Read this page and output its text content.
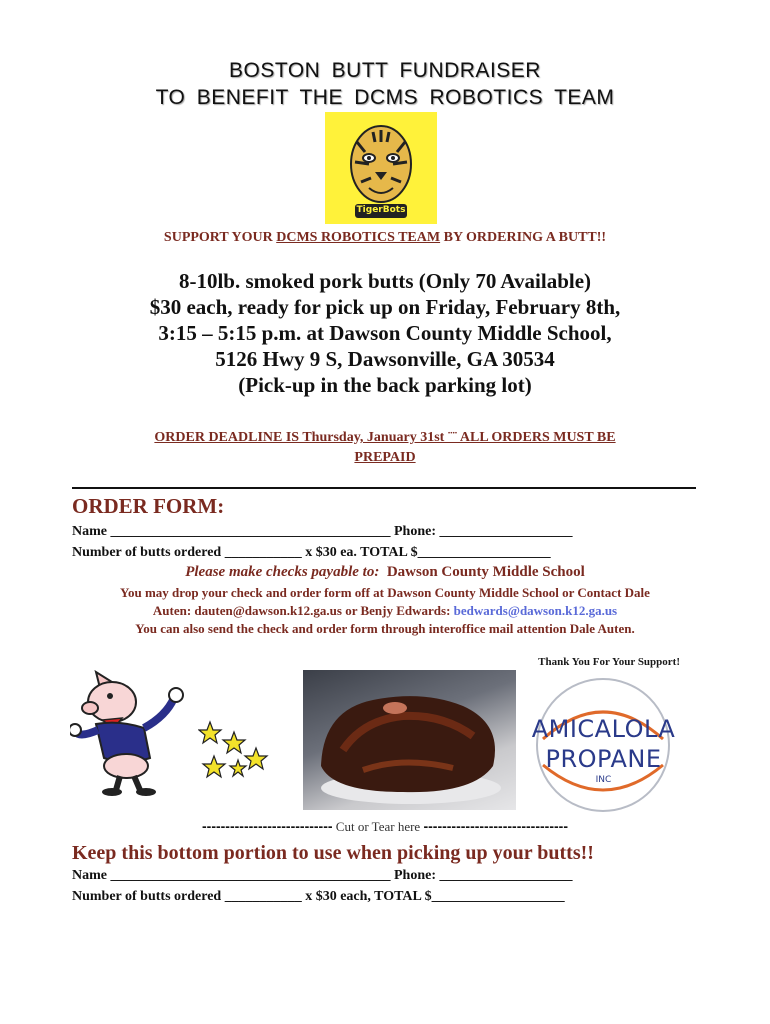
BOSTON BUTT FUNDRAISER
TO BENEFIT THE DCMS ROBOTICS TEAM
TigerBots
SUPPORT YOUR DCMS ROBOTICS TEAM BY ORDERING A BUTT!!
8-10lb. smoked pork butts (Only 70 Available)
$30 each, ready for pick up on Friday, February 8th,
3:15 – 5:15 p.m. at Dawson County Middle School,
5126 Hwy 9 S, Dawsonville, GA 30534
(Pick-up in the back parking lot)
ORDER DEADLINE IS Thursday, January 31st ¨¨ ALL ORDERS MUST BE
PREPAID
ORDER FORM:
Name ________________________________________ Phone: ___________________
Number of butts ordered ___________ x $30 ea. TOTAL $___________________
Please make checks payable to: Dawson County Middle School
You may drop your check and order form off at Dawson County Middle School or Contact Dale
Auten: dauten@dawson.k12.ga.us or Benjy Edwards: bedwards@dawson.k12.ga.us
You can also send the check and order form through interoffice mail attention Dale Auten.
Thank You For Your Support!
AMICALOLA
PROPANE
INC
---------------------------- Cut or Tear here -------------------------------
Keep this bottom portion to use when picking up your butts!!
Name ________________________________________ Phone: ___________________
Number of butts ordered ___________ x $30 each, TOTAL $___________________
